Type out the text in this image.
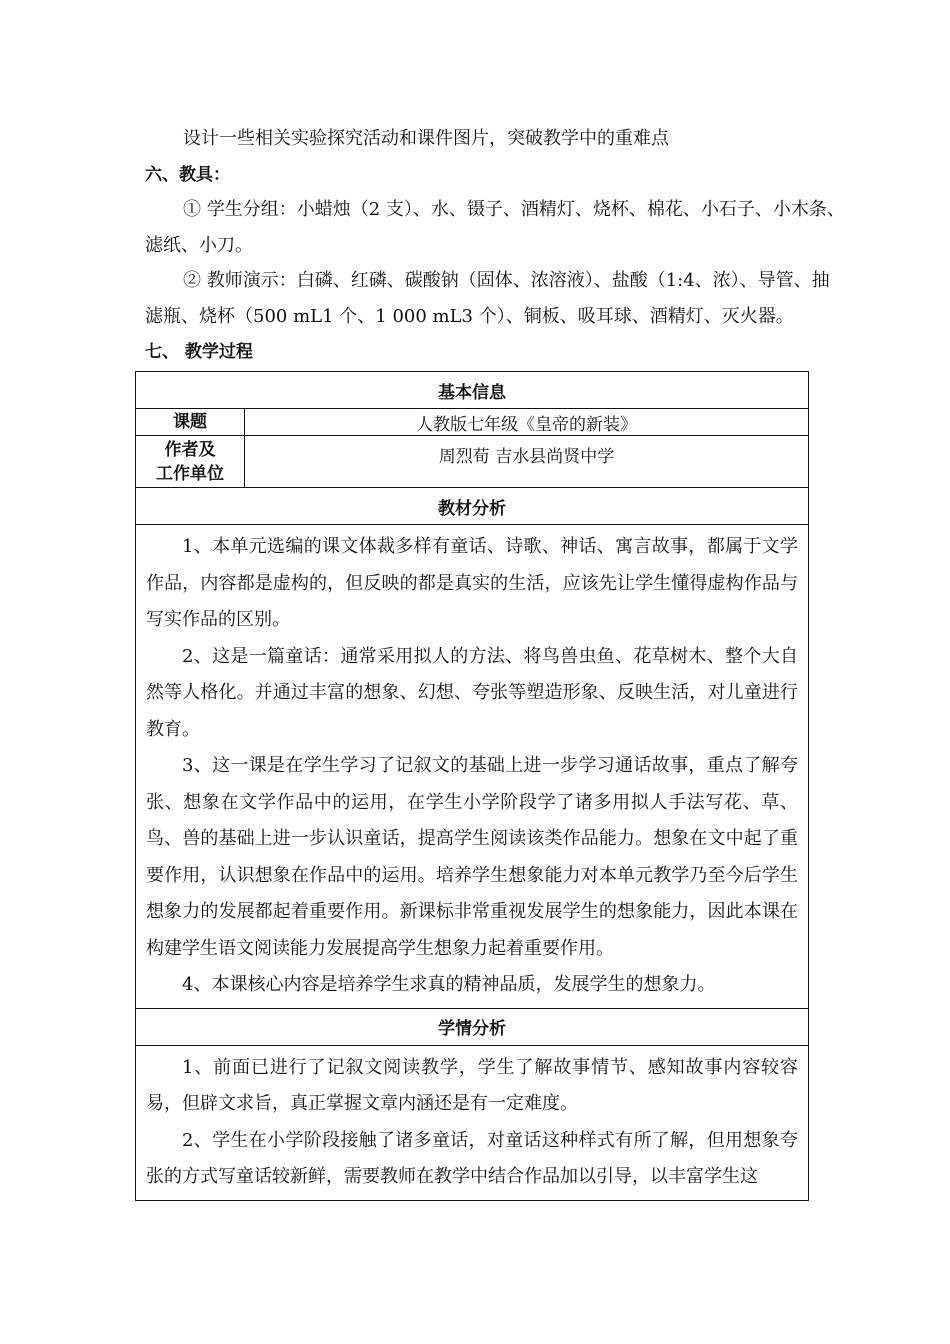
设计一些相关实验探究活动和课件图片，突破教学中的重难点
六、教具：
① 学生分组：小蜡烛（2 支）、水、镊子、酒精灯、烧杯、棉花、小石子、小木条、
滤纸、小刀。
② 教师演示：白磷、红磷、碳酸钠（固体、浓溶液）、盐酸（1:4、浓）、导管、抽
滤瓶、烧杯（500 mL1 个、1 000 mL3 个）、铜板、吸耳球、酒精灯、灭火器。
七、 教学过程
基本信息	
课题	人教版七年级《皇帝的新装》

作者及
工作单位	周烈荀 吉水县尚贤中学
教材分析	

1、本单元选编的课文体裁多样有童话、诗歌、神话、寓言故事，都属于文学作品，内容都是虚构的，但反映的都是真实的生活，应该先让学生懂得虚构作品与写实作品的区别。

2、这是一篇童话：通常采用拟人的方法、将鸟兽虫鱼、花草树木、整个大自然等人格化。并通过丰富的想象、幻想、夸张等塑造形象、反映生活，对儿童进行教育。

3、这一课是在学生学习了记叙文的基础上进一步学习通话故事，重点了解夸张、想象在文学作品中的运用，在学生小学阶段学了诸多用拟人手法写花、草、鸟、兽的基础上进一步认识童话，提高学生阅读该类作品能力。想象在文中起了重要作用，认识想象在作品中的运用。培养学生想象能力对本单元教学乃至今后学生想象力的发展都起着重要作用。新课标非常重视发展学生的想象能力，因此本课在构建学生语文阅读能力发展提高学生想象力起着重要作用。

4、本课核心内容是培养学生求真的精神品质，发展学生的想象力。	

学情分析	

1、前面已进行了记叙文阅读教学，学生了解故事情节、感知故事内容较容易，但辟文求旨，真正掌握文章内涵还是有一定难度。

2、学生在小学阶段接触了诸多童话，对童话这种样式有所了解，但用想象夸张的方式写童话较新鲜，需要教师在教学中结合作品加以引导，以丰富学生这	
